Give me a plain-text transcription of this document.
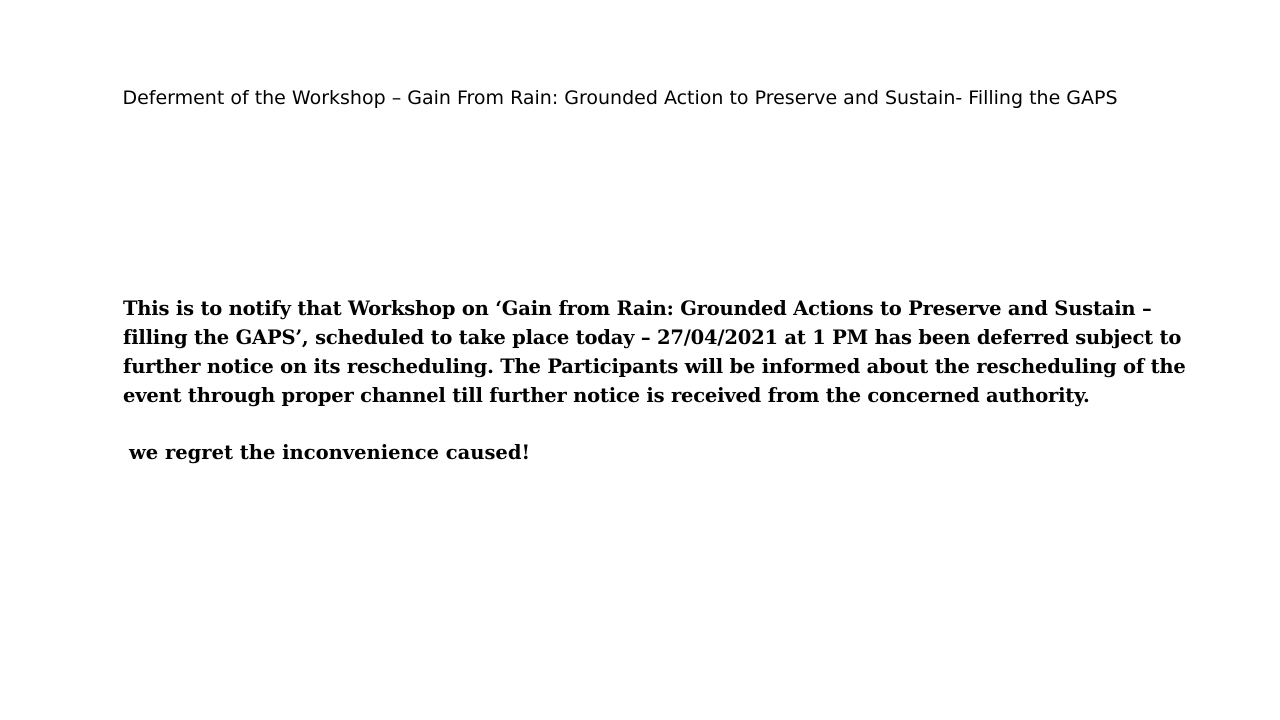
Deferment of the Workshop – Gain From Rain: Grounded Action to Preserve and Sustain- Filling the GAPS

This is to notify that Workshop on ‘Gain from Rain: Grounded Actions to Preserve and Sustain – filling the GAPS’, scheduled to take place today – 27/04/2021 at 1 PM has been deferred subject to further notice on its rescheduling. The Participants will be informed about the rescheduling of the event through proper channel till further notice is received from the concerned authority.

we regret the inconvenience caused!
